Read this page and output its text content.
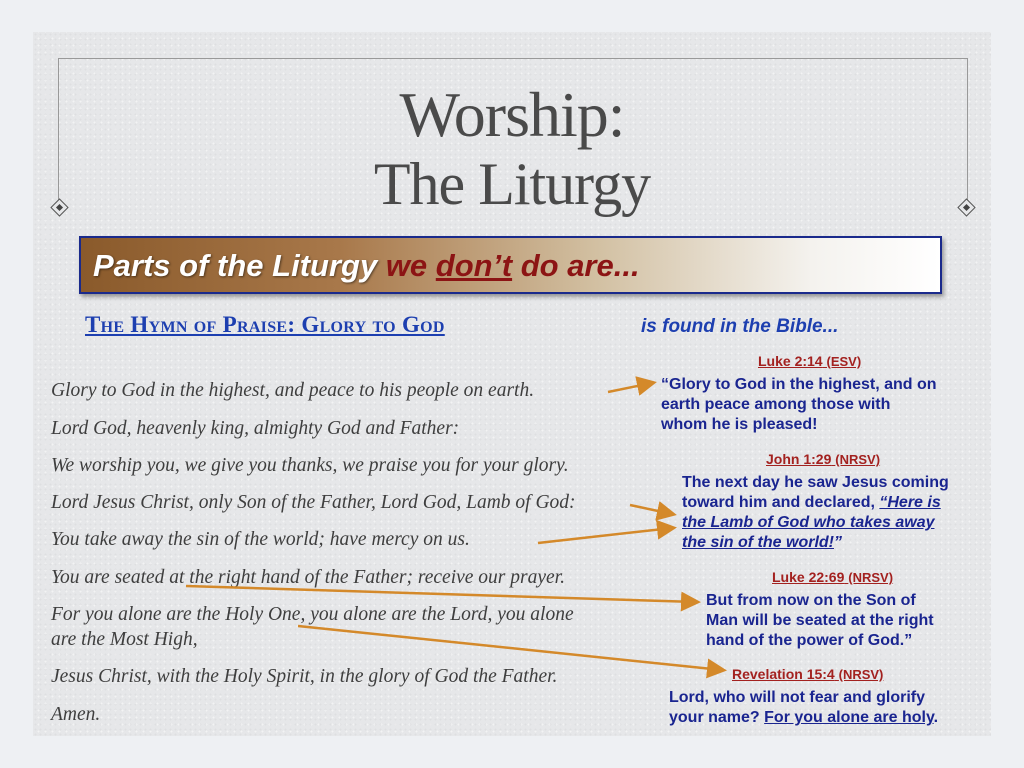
Worship:
The Liturgy
Parts of the Liturgy we don’t do are...
The Hymn of Praise: Glory to God	is found in the Bible...
Glory to God in the highest, and peace to his people on earth.
Lord God, heavenly king, almighty God and Father:
We worship you, we give you thanks, we praise you for your glory.
Lord Jesus Christ, only Son of the Father, Lord God, Lamb of God:
You take away the sin of the world; have mercy on us.
You are seated at the right hand of the Father; receive our prayer.
For you alone are the Holy One, you alone are the Lord, you alone
are the Most High,
Jesus Christ, with the Holy Spirit, in the glory of God the Father.
Amen.
Luke 2:14 (ESV)
“Glory to God in the highest, and on
earth peace among those with
whom he is pleased!
John 1:29 (NRSV)
The next day he saw Jesus coming
toward him and declared, “Here is
the Lamb of God who takes away
the sin of the world!”
Luke 22:69 (NRSV)
But from now on the Son of
Man will be seated at the right
hand of the power of God.”
Revelation 15:4 (NRSV)
Lord, who will not fear and glorify
your name? For you alone are holy.
